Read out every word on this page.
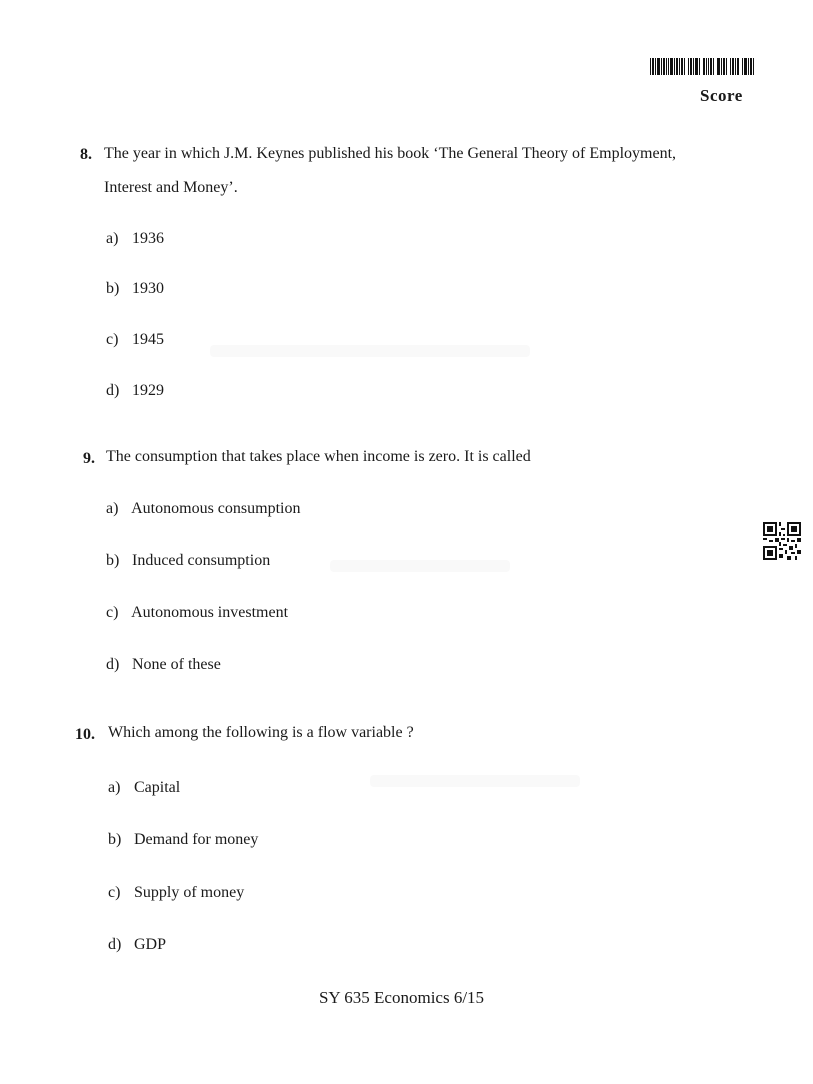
Score
8. The year in which J.M. Keynes published his book ‘The General Theory of Employment,
Interest and Money’.
a) 1936
b) 1930
c) 1945
d) 1929
9. The consumption that takes place when income is zero. It is called
a) Autonomous consumption
b) Induced consumption
c) Autonomous investment
d) None of these
10. Which among the following is a flow variable ?
a) Capital
b) Demand for money
c) Supply of money
d) GDP
SY 635 Economics 6/15
